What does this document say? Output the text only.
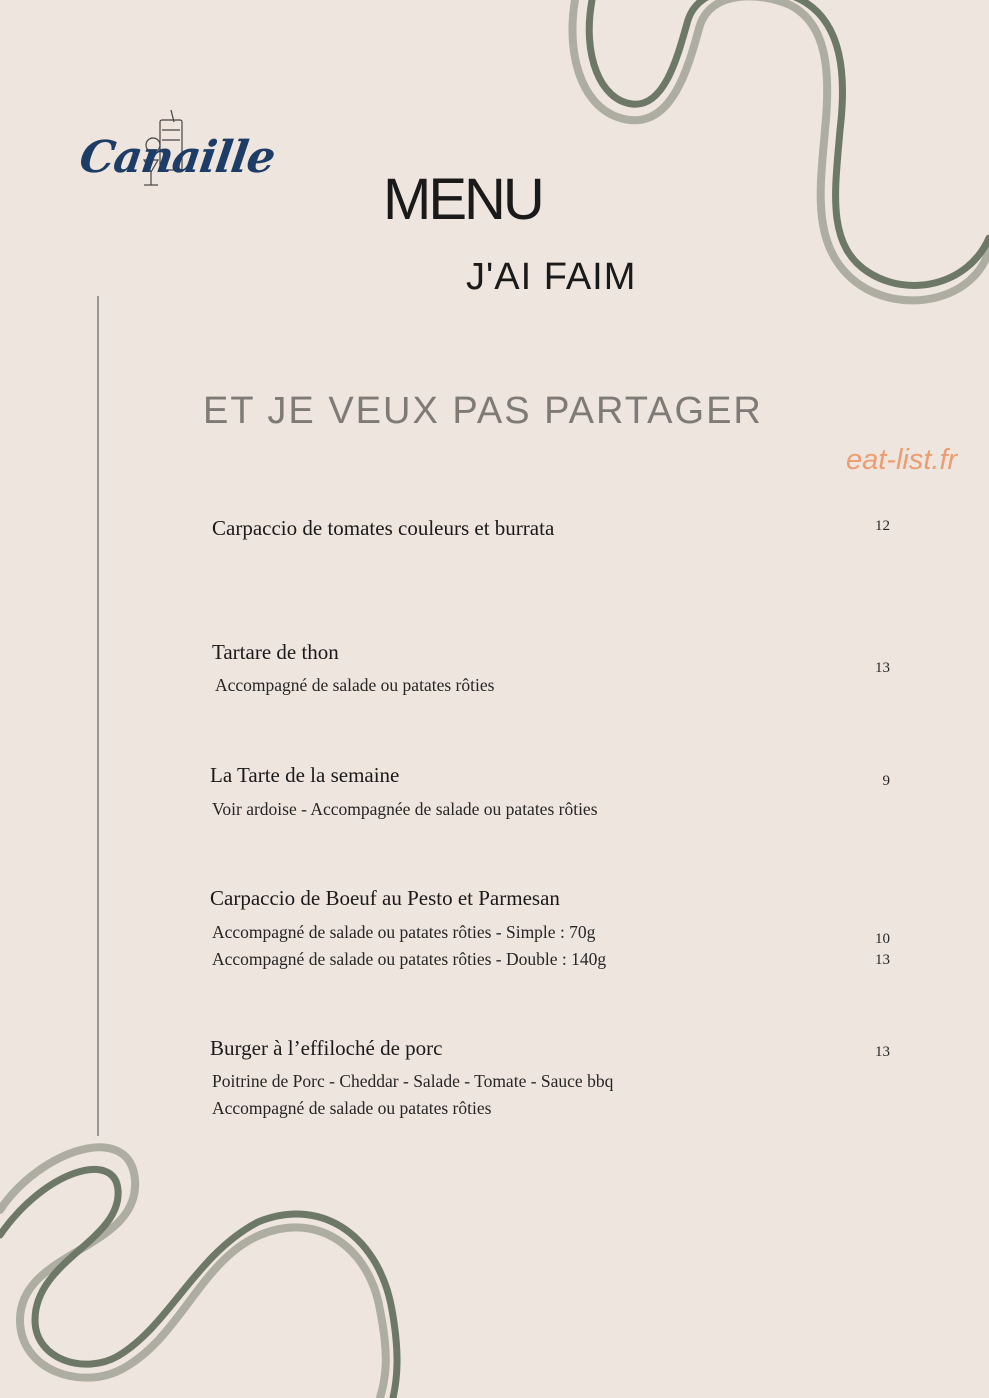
Canaille
MENU
J'AI FAIM
ET JE VEUX PAS PARTAGER
eat-list.fr
Carpaccio de tomates couleurs et burrata	12
Tartare de thon
Accompagné de salade ou patates rôties
13
La Tarte de la semaine
Voir ardoise - Accompagnée de salade ou patates rôties
9
Carpaccio de Boeuf au Pesto et Parmesan
Accompagné de salade ou patates rôties - Simple : 70g
Accompagné de salade ou patates rôties - Double : 140g
10
13
Burger à l’effiloché de porc
Poitrine de Porc - Cheddar - Salade - Tomate - Sauce bbq
Accompagné de salade ou patates rôties
13
